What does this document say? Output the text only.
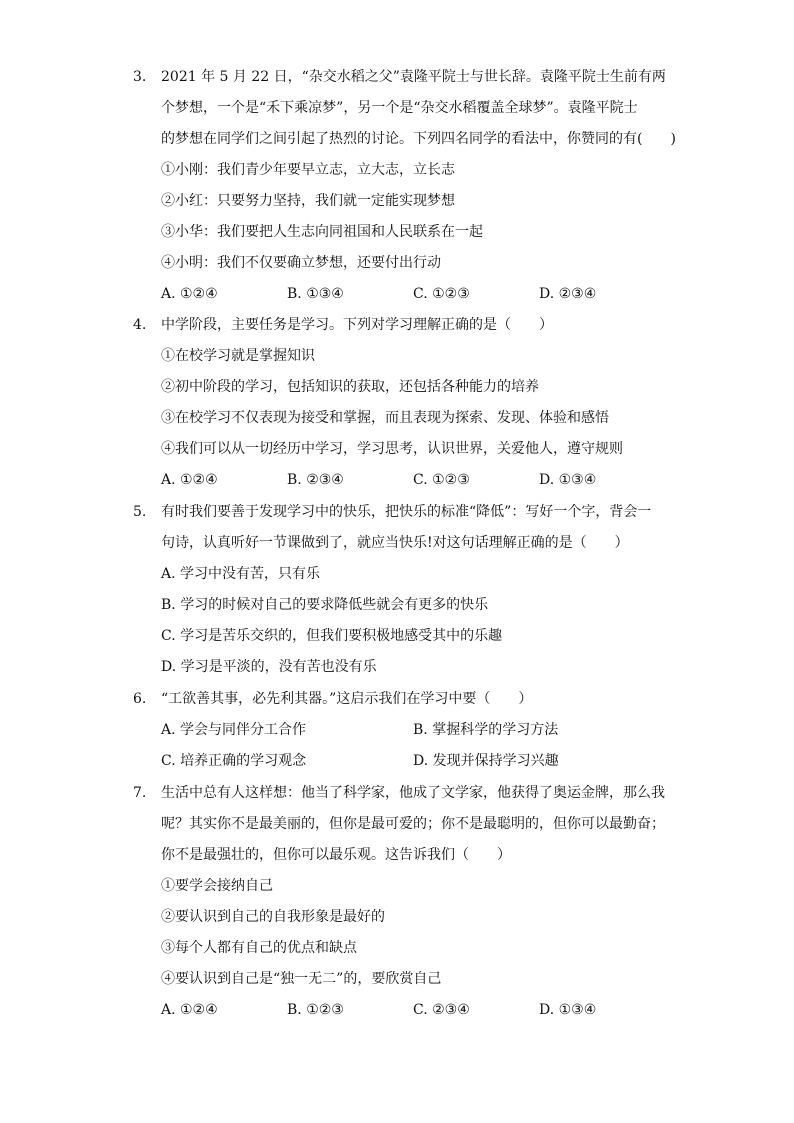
3.	2021 年 5 月 22 日，“杂交水稻之父”袁隆平院士与世长辞。袁隆平院士生前有两
个梦想，一个是“禾下乘凉梦”，另一个是“杂交水稻覆盖全球梦”。袁隆平院士
的梦想在同学们之间引起了热烈的讨论。下列四名同学的看法中，你赞同的有(　　)
①小刚：我们青少年要早立志，立大志，立长志
②小红：只要努力坚持，我们就一定能实现梦想
③小华：我们要把人生志向同祖国和人民联系在一起
④小明：我们不仅要确立梦想，还要付出行动
A. ①②④	B. ①③④	C. ①②③	D. ②③④
4.	中学阶段，主要任务是学习。下列对学习理解正确的是（　　）
①在校学习就是掌握知识
②初中阶段的学习，包括知识的获取，还包括各种能力的培养
③在校学习不仅表现为接受和掌握，而且表现为探索、发现、体验和感悟
④我们可以从一切经历中学习，学习思考，认识世界，关爱他人，遵守规则
A. ①②④	B. ②③④	C. ①②③	D. ①③④
5.	有时我们要善于发现学习中的快乐，把快乐的标准“降低”：写好一个字，背会一
句诗，认真听好一节课做到了，就应当快乐!对这句话理解正确的是（　　）
A. 学习中没有苦，只有乐
B. 学习的时候对自己的要求降低些就会有更多的快乐
C. 学习是苦乐交织的，但我们要积极地感受其中的乐趣
D. 学习是平淡的，没有苦也没有乐
6.	“工欲善其事，必先利其器。”这启示我们在学习中要（　　）
A. 学会与同伴分工合作	B. 掌握科学的学习方法
C. 培养正确的学习观念	D. 发现并保持学习兴趣
7.	生活中总有人这样想：他当了科学家，他成了文学家，他获得了奥运金牌，那么我
呢？其实你不是最美丽的，但你是最可爱的；你不是最聪明的，但你可以最勤奋；
你不是最强壮的，但你可以最乐观。这告诉我们（　　）
①要学会接纳自己
②要认识到自己的自我形象是最好的
③每个人都有自己的优点和缺点
④要认识到自己是“独一无二”的，要欣赏自己
A. ①②④	B. ①②③	C. ②③④	D. ①③④
